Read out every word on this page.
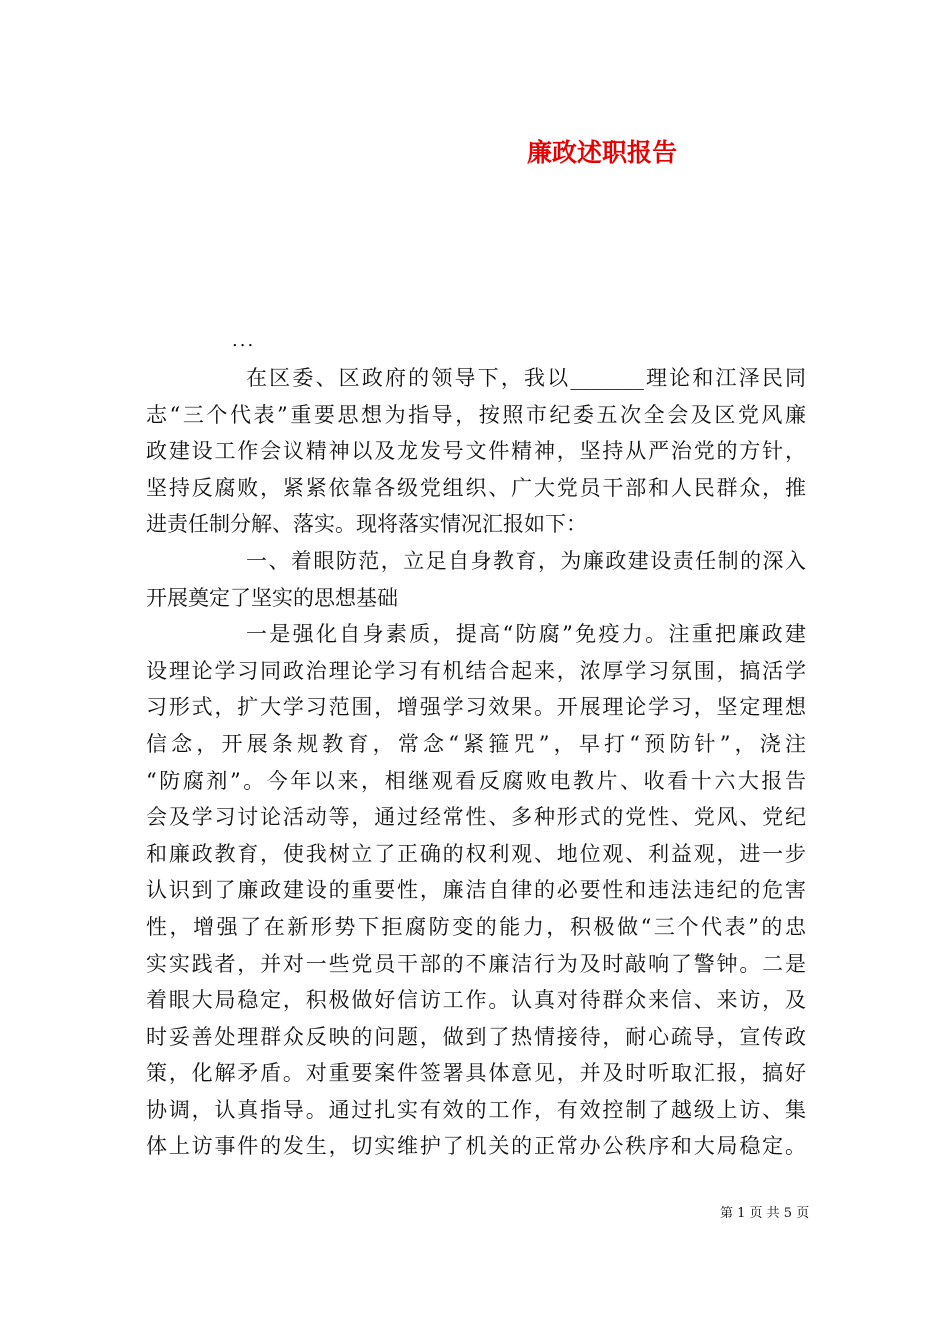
廉政述职报告
...
在区委、区政府的领导下，我以_______理论和江泽民同
志“三个代表”重要思想为指导，按照市纪委五次全会及区党风廉
政建设工作会议精神以及龙发号文件精神，坚持从严治党的方针，
坚持反腐败，紧紧依靠各级党组织、广大党员干部和人民群众，推
进责任制分解、落实。现将落实情况汇报如下：
一、着眼防范，立足自身教育，为廉政建设责任制的深入
开展奠定了坚实的思想基础
一是强化自身素质，提高“防腐”免疫力。注重把廉政建
设理论学习同政治理论学习有机结合起来，浓厚学习氛围，搞活学
习形式，扩大学习范围，增强学习效果。开展理论学习，坚定理想
信念，开展条规教育，常念“紧箍咒”，早打“预防针”，浇注
“防腐剂”。今年以来，相继观看反腐败电教片、收看十六大报告
会及学习讨论活动等，通过经常性、多种形式的党性、党风、党纪
和廉政教育，使我树立了正确的权利观、地位观、利益观，进一步
认识到了廉政建设的重要性，廉洁自律的必要性和违法违纪的危害
性，增强了在新形势下拒腐防变的能力，积极做“三个代表”的忠
实实践者，并对一些党员干部的不廉洁行为及时敲响了警钟。二是
着眼大局稳定，积极做好信访工作。认真对待群众来信、来访，及
时妥善处理群众反映的问题，做到了热情接待，耐心疏导，宣传政
策，化解矛盾。对重要案件签署具体意见，并及时听取汇报，搞好
协调，认真指导。通过扎实有效的工作，有效控制了越级上访、集
体上访事件的发生，切实维护了机关的正常办公秩序和大局稳定。
第 1 页 共 5 页
